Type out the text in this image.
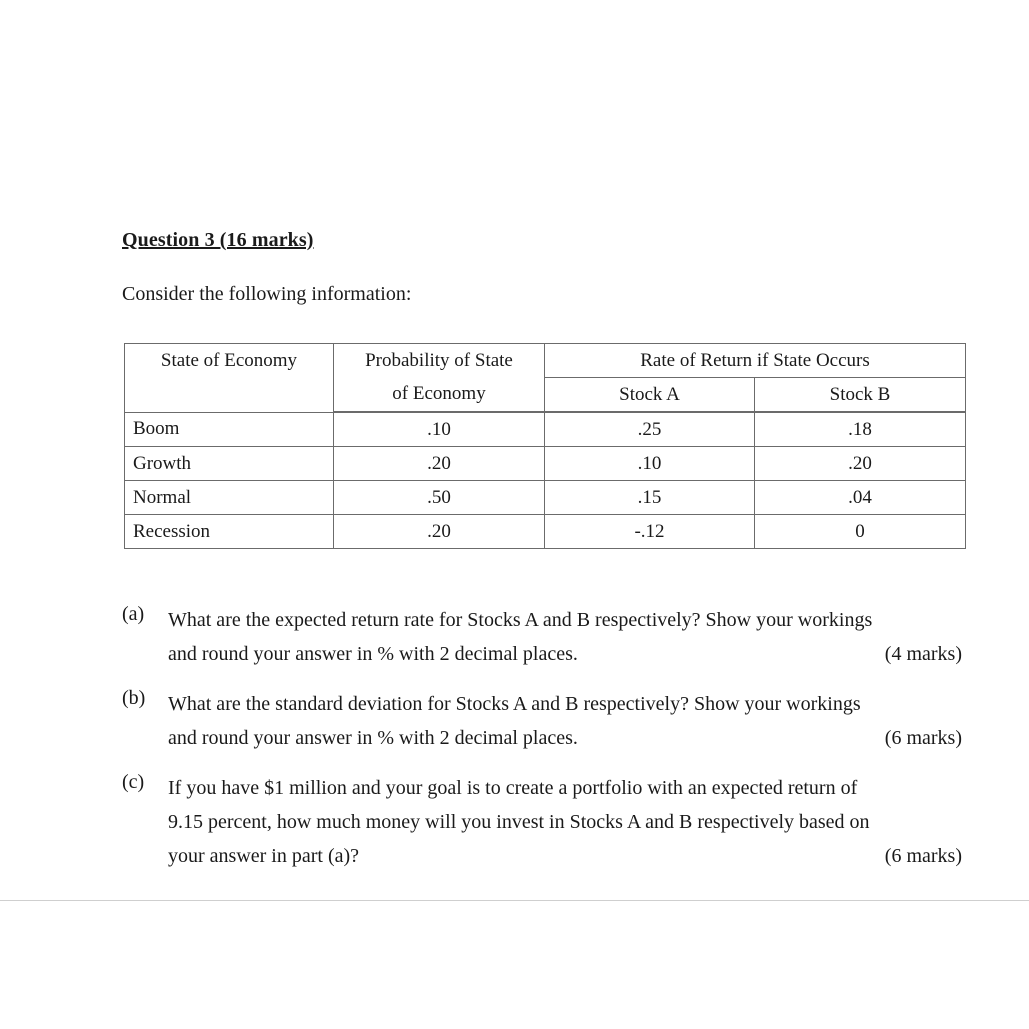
Question 3 (16 marks)
Consider the following information:
State of Economy	Probability of State	Rate of Return if State Occurs	
	of Economy	Stock A	Stock B
Boom	.10	.25	.18
Growth	.20	.10	.20
Normal	.50	.15	.04
Recession	.20	-.12	0
(a) What are the expected return rate for Stocks A and B respectively? Show your workings
and round your answer in % with 2 decimal places.	(4 marks)
(b) What are the standard deviation for Stocks A and B respectively? Show your workings
and round your answer in % with 2 decimal places.	(6 marks)
(c) If you have $1 million and your goal is to create a portfolio with an expected return of
9.15 percent, how much money will you invest in Stocks A and B respectively based on
your answer in part (a)?	(6 marks)
